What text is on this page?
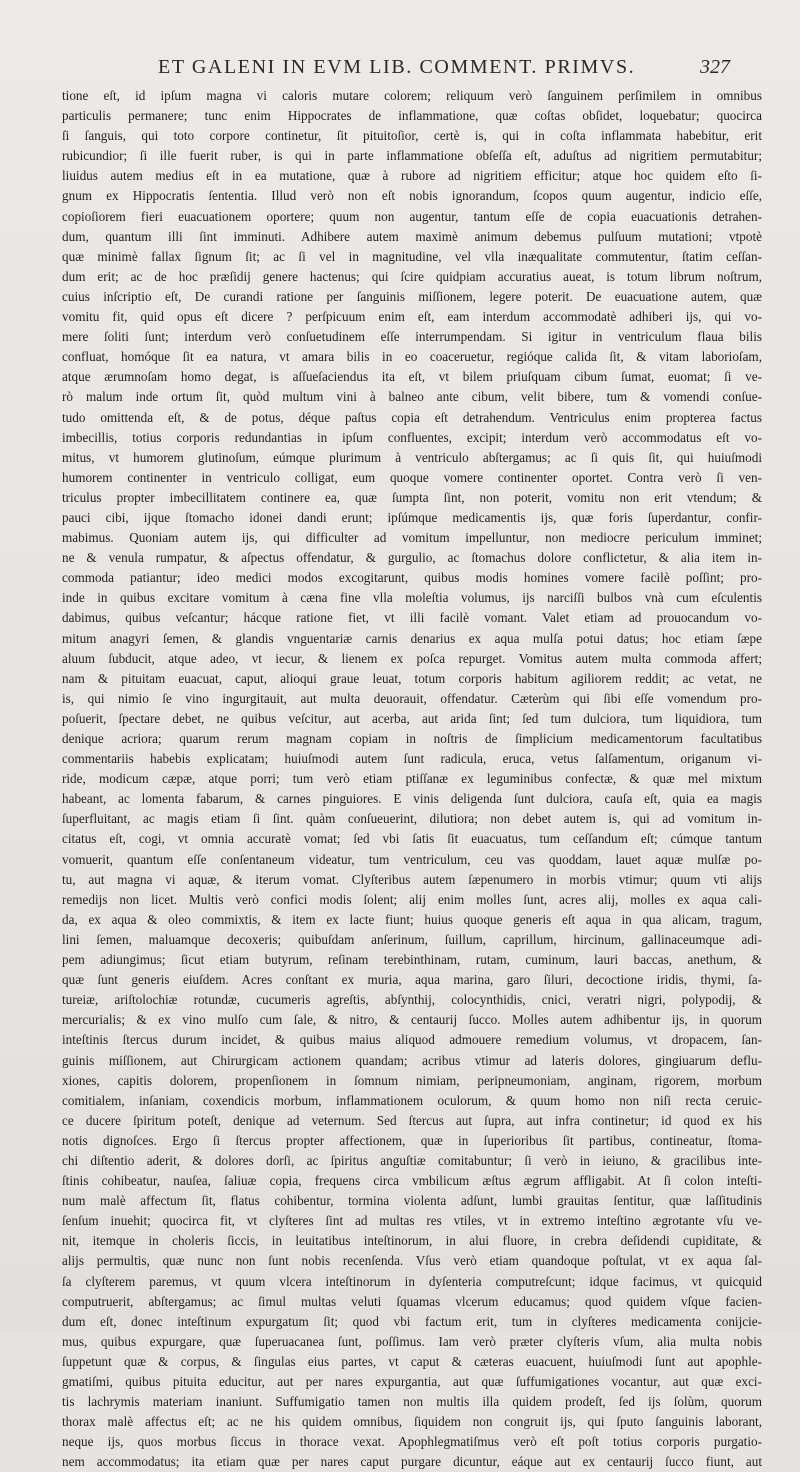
ET GALENI IN EVM LIB. COMMENT. PRIMVS.	327
tione eſt, id ipſum magna vi caloris mutare colorem; reliquum verò ſanguinem perſimilem in omnibus
particulis permanere; tunc enim Hippocrates de inflammatione, quæ coſtas obſidet, loquebatur; quocirca
ſi ſanguis, qui toto corpore continetur, ſit pituitoſior, certè is, qui in coſta inflammata habebitur, erit
rubicundior; ſi ille fuerit ruber, is qui in parte inflammatione obſeſſa eſt, aduſtus ad nigritiem permutabitur;
liuidus autem medius eſt in ea mutatione, quæ à rubore ad nigritiem efficitur; atque hoc quidem eſto ſi-
gnum ex Hippocratis ſententia. Illud verò non eſt nobis ignorandum, ſcopos quum augentur, indicio eſſe,
copioſiorem fieri euacuationem oportere; quum non augentur, tantum eſſe de copia euacuationis detrahen-
dum, quantum illi ſint imminuti. Adhibere autem maximè animum debemus pulſuum mutationi; vtpotè
quæ minimè fallax ſignum ſit; ac ſi vel in magnitudine, vel vlla inæqualitate commutentur, ſtatim ceſſan-
dum erit; ac de hoc præſidij genere hactenus; qui ſcire quidpiam accuratius aueat, is totum librum noſtrum,
cuius inſcriptio eſt, De curandi ratione per ſanguinis miſſionem, legere poterit. De euacuatione autem, quæ
vomitu fit, quid opus eſt dicere ? perſpicuum enim eſt, eam interdum accommodatè adhiberi ijs, qui vo-
mere ſoliti ſunt; interdum verò conſuetudinem eſſe interrumpendam. Si igitur in ventriculum flaua bilis
confluat, homóque ſit ea natura, vt amara bilis in eo coaceruetur, regióque calida ſit, & vitam laborioſam,
atque ærumnoſam homo degat, is aſſueſaciendus ita eſt, vt bilem priuſquam cibum ſumat, euomat; ſi ve-
rò malum inde ortum ſit, quòd multum vini à balneo ante cibum, velit bibere, tum & vomendi conſue-
tudo omittenda eſt, & de potus, déque paſtus copia eſt detrahendum. Ventriculus enim propterea factus
imbecillis, totius corporis redundantias in ipſum confluentes, excipit; interdum verò accommodatus eſt vo-
mitus, vt humorem glutinoſum, eúmque plurimum à ventriculo abſtergamus; ac ſi quis ſit, qui huiuſmodi
humorem continenter in ventriculo colligat, eum quoque vomere continenter oportet. Contra verò ſi ven-
triculus propter imbecillitatem continere ea, quæ ſumpta ſint, non poterit, vomitu non erit vtendum; &
pauci cibi, ijque ſtomacho idonei dandi erunt; ipſúmque medicamentis ijs, quæ foris ſuperdantur, confir-
mabimus. Quoniam autem ijs, qui difficulter ad vomitum impelluntur, non mediocre periculum imminet;
ne & venula rumpatur, & aſpectus offendatur, & gurgulio, ac ſtomachus dolore conflictetur, & alia item in-
commoda patiantur; ideo medici modos excogitarunt, quibus modis homines vomere facilè poſſint; pro-
inde in quibus excitare vomitum à cæna fine vlla moleſtia volumus, ijs narciſſi bulbos vnà cum eſculentis
dabimus, quibus veſcantur; hácque ratione fiet, vt illi facilè vomant. Valet etiam ad prouocandum vo-
mitum anagyri ſemen, & glandis vnguentariæ carnis denarius ex aqua mulſa potui datus; hoc etiam ſæpe
aluum ſubducit, atque adeo, vt iecur, & lienem ex poſca repurget. Vomitus autem multa commoda affert;
nam & pituitam euacuat, caput, alioqui graue leuat, totum corporis habitum agiliorem reddit; ac vetat, ne
is, qui nimio ſe vino ingurgitauit, aut multa deuorauit, offendatur. Cæterùm qui ſibi eſſe vomendum pro-
poſuerit, ſpectare debet, ne quibus veſcitur, aut acerba, aut arida ſint; ſed tum dulciora, tum liquidiora, tum
denique acriora; quarum rerum magnam copiam in noſtris de ſimplicium medicamentorum facultatibus
commentariis habebis explicatam; huiuſmodi autem ſunt radicula, eruca, vetus ſalſamentum, origanum vi-
ride, modicum cæpæ, atque porri; tum verò etiam ptiſſanæ ex leguminibus confectæ, & quæ mel mixtum
habeant, ac lomenta fabarum, & carnes pinguiores. E vinis deligenda ſunt dulciora, cauſa eſt, quia ea magis
ſuperfluitant, ac magis etiam ſi ſint. quàm conſueuerint, dilutiora; non debet autem is, qui ad vomitum in-
citatus eſt, cogi, vt omnia accuratè vomat; ſed vbi ſatis ſit euacuatus, tum ceſſandum eſt; cúmque tantum
vomuerit, quantum eſſe conſentaneum videatur, tum ventriculum, ceu vas quoddam, lauet aquæ mulſæ po-
tu, aut magna vi aquæ, & iterum vomat. Clyſteribus autem ſæpenumero in morbis vtimur; quum vti alijs
remedijs non licet. Multis verò confici modis ſolent; alij enim molles ſunt, acres alij, molles ex aqua cali-
da, ex aqua & oleo commixtis, & item ex lacte fiunt; huius quoque generis eſt aqua in qua alicam, tragum,
lini ſemen, maluamque decoxeris; quibuſdam anſerinum, ſuillum, caprillum, hircinum, gallinaceumque adi-
pem adiungimus; ſicut etiam butyrum, reſinam terebinthinam, rutam, cuminum, lauri baccas, anethum, &
quæ ſunt generis eiuſdem. Acres conſtant ex muria, aqua marina, garo ſiluri, decoctione iridis, thymi, ſa-
tureiæ, ariſtolochiæ rotundæ, cucumeris agreſtis, abſynthij, colocynthidis, cnici, veratri nigri, polypodij, &
mercurialis; & ex vino mulſo cum ſale, & nitro, & centaurij ſucco. Molles autem adhibentur ijs, in quorum
inteſtinis ſtercus durum incidet, & quibus maius aliquod admouere remedium volumus, vt dropacem, ſan-
guinis miſſionem, aut Chirurgicam actionem quandam; acribus vtimur ad lateris dolores, gingiuarum deflu-
xiones, capitis dolorem, propenſionem in ſomnum nimiam, peripneumoniam, anginam, rigorem, morbum
comitialem, inſaniam, coxendicis morbum, inflammationem oculorum, & quum homo non niſi recta ceruic-
ce ducere ſpiritum poteſt, denique ad veternum. Sed ſtercus aut ſupra, aut infra continetur; id quod ex his
notis dignoſces. Ergo ſi ſtercus propter affectionem, quæ in ſuperioribus ſit partibus, contineatur, ſtoma-
chi diſtentio aderit, & dolores dorſi, ac ſpiritus anguſtiæ comitabuntur; ſi verò in ieiuno, & gracilibus inte-
ſtinis cohibeatur, nauſea, ſaliuæ copia, frequens circa vmbilicum æſtus ægrum affligabit. At ſi colon inteſti-
num malè affectum ſit, flatus cohibentur, tormina violenta adſunt, lumbi grauitas ſentitur, quæ laſſitudinis
ſenſum inuehit; quocirca fit, vt clyſteres ſint ad multas res vtiles, vt in extremo inteſtino ægrotante vſu ve-
nit, itemque in choleris ſiccis, in leuitatibus inteſtinorum, in alui fluore, in crebra deſidendi cupiditate, &
alijs permultis, quæ nunc non ſunt nobis recenſenda. Vſus verò etiam quandoque poſtulat, vt ex aqua ſal-
ſa clyſterem paremus, vt quum vlcera inteſtinorum in dyſenteria computreſcunt; idque facimus, vt quicquid
computruerit, abſtergamus; ac ſimul multas veluti ſquamas vlcerum educamus; quod quidem vſque facien-
dum eſt, donec inteſtinum expurgatum ſit; quod vbi factum erit, tum in clyſteres medicamenta conijcie-
mus, quibus expurgare, quæ ſuperuacanea ſunt, poſſimus. Iam verò præter clyſteris vſum, alia multa nobis
ſuppetunt quæ & corpus, & ſingulas eius partes, vt caput & cæteras euacuent, huiuſmodi ſunt aut apophle-
gmatiſmi, quibus pituita educitur, aut per nares expurgantia, aut quæ ſuffumigationes vocantur, aut quæ exci-
tis lachrymis materiam inaniunt. Suffumigatio tamen non multis illa quidem prodeſt, ſed ijs ſolùm, quorum
thorax malè affectus eſt; ac ne his quidem omnibus, ſiquidem non congruit ijs, qui ſputo ſanguinis laborant,
neque ijs, quos morbus ſiccus in thorace vexat. Apophlegmatiſmus verò eſt poſt totius corporis purgatio-
nem accommodatus; ita etiam quæ per nares caput purgare dicuntur, eáque aut ex centaurij ſucco fiunt, aut
